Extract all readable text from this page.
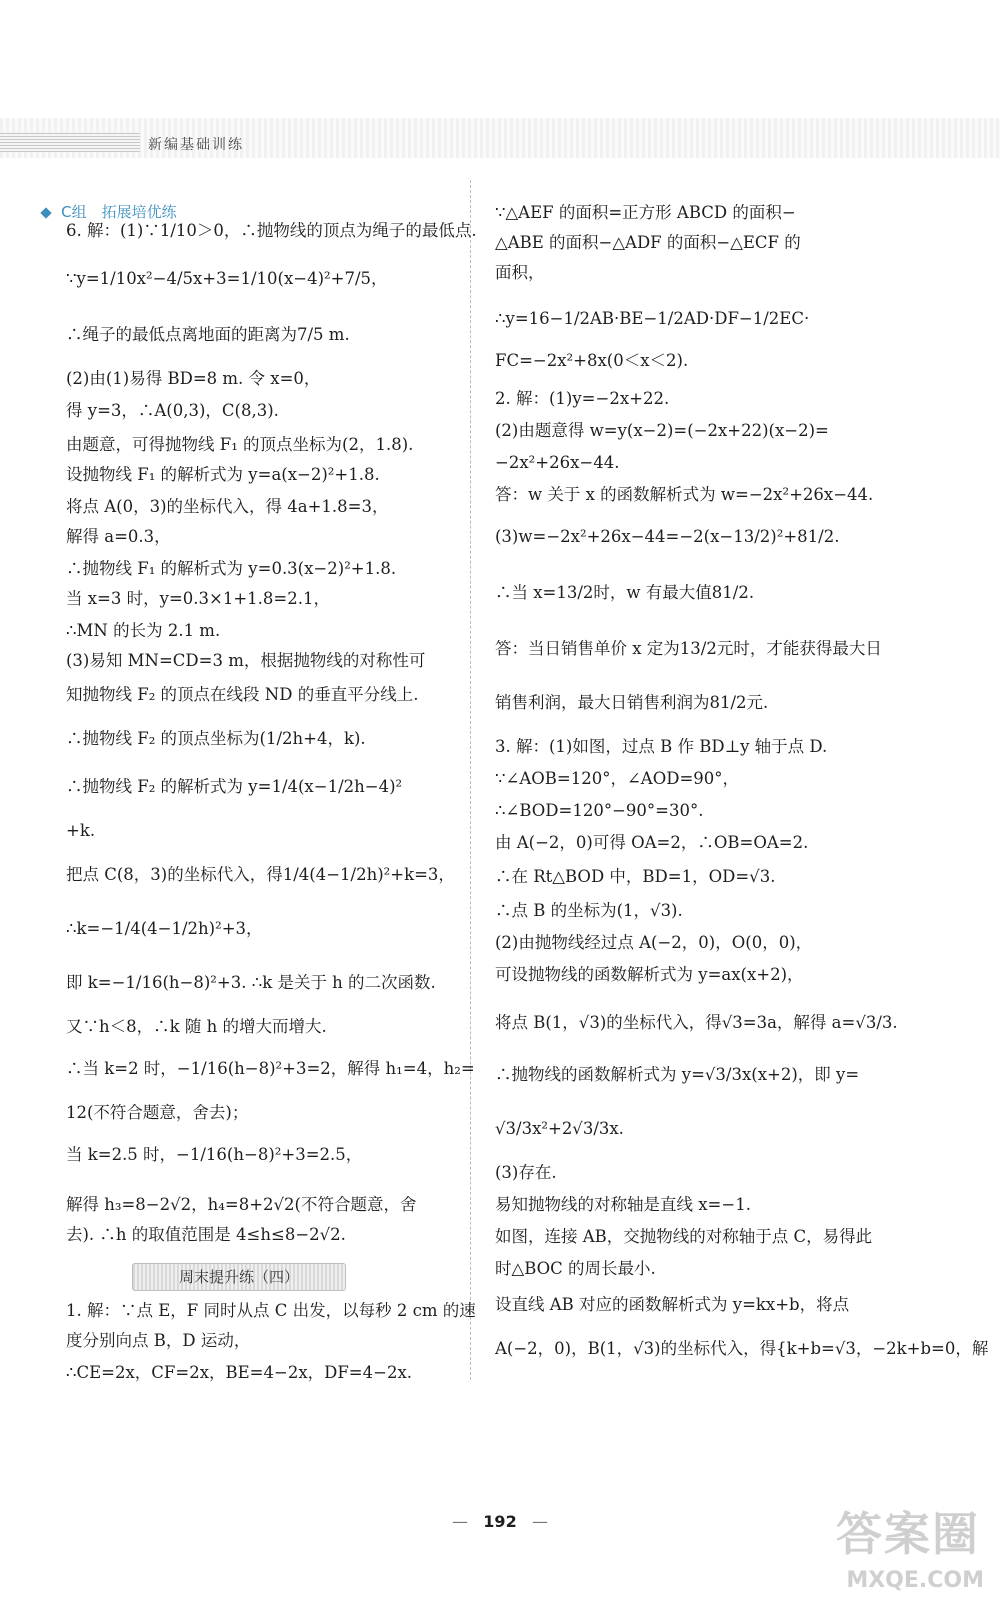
新编基础训练
C组　拓展培优练
6. 解：(1)∵1/10＞0，∴抛物线的顶点为绳子的最低点.
∵y=1/10x²−4/5x+3=1/10(x−4)²+7/5，
∴绳子的最低点离地面的距离为7/5 m.
(2)由(1)易得 BD=8 m. 令 x=0，
得 y=3，∴A(0,3)，C(8,3).
由题意，可得抛物线 F₁ 的顶点坐标为(2，1.8).
设抛物线 F₁ 的解析式为 y=a(x−2)²+1.8.
将点 A(0，3)的坐标代入，得 4a+1.8=3，
解得 a=0.3，
∴抛物线 F₁ 的解析式为 y=0.3(x−2)²+1.8.
当 x=3 时，y=0.3×1+1.8=2.1，
∴MN 的长为 2.1 m.
(3)易知 MN=CD=3 m，根据抛物线的对称性可
知抛物线 F₂ 的顶点在线段 ND 的垂直平分线上.
∴抛物线 F₂ 的顶点坐标为(1/2h+4，k).
∴抛物线 F₂ 的解析式为 y=1/4(x−1/2h−4)²
+k.
把点 C(8，3)的坐标代入，得1/4(4−1/2h)²+k=3，
∴k=−1/4(4−1/2h)²+3，
即 k=−1/16(h−8)²+3. ∴k 是关于 h 的二次函数.
又∵h＜8，∴k 随 h 的增大而增大.
∴当 k=2 时，−1/16(h−8)²+3=2，解得 h₁=4，h₂=
12(不符合题意，舍去)；
当 k=2.5 时，−1/16(h−8)²+3=2.5，
解得 h₃=8−2√2，h₄=8+2√2(不符合题意，舍
去). ∴h 的取值范围是 4≤h≤8−2√2.
1. 解：∵点 E，F 同时从点 C 出发，以每秒 2 cm 的速
度分别向点 B，D 运动，
∴CE=2x，CF=2x，BE=4−2x，DF=4−2x.
周末提升练（四）
∵△AEF 的面积=正方形 ABCD 的面积−
△ABE 的面积−△ADF 的面积−△ECF 的
面积，
∴y=16−1/2AB·BE−1/2AD·DF−1/2EC·
FC=−2x²+8x(0＜x＜2).
2. 解：(1)y=−2x+22.
(2)由题意得 w=y(x−2)=(−2x+22)(x−2)=
−2x²+26x−44.
答：w 关于 x 的函数解析式为 w=−2x²+26x−44.
(3)w=−2x²+26x−44=−2(x−13/2)²+81/2.
∴当 x=13/2时，w 有最大值81/2.
答：当日销售单价 x 定为13/2元时，才能获得最大日
销售利润，最大日销售利润为81/2元.
3. 解：(1)如图，过点 B 作 BD⊥y 轴于点 D.
∵∠AOB=120°，∠AOD=90°，
∴∠BOD=120°−90°=30°.
由 A(−2，0)可得 OA=2，∴OB=OA=2.
∴在 Rt△BOD 中，BD=1，OD=√3.
∴点 B 的坐标为(1，√3).
(2)由抛物线经过点 A(−2，0)，O(0，0)，
可设抛物线的函数解析式为 y=ax(x+2)，
将点 B(1，√3)的坐标代入，得√3=3a，解得 a=√3/3.
∴抛物线的函数解析式为 y=√3/3x(x+2)，即 y=
√3/3x²+2√3/3x.
(3)存在.
易知抛物线的对称轴是直线 x=−1.
如图，连接 AB，交抛物线的对称轴于点 C，易得此
时△BOC 的周长最小.
设直线 AB 对应的函数解析式为 y=kx+b，将点
A(−2，0)，B(1，√3)的坐标代入，得{k+b=√3，−2k+b=0，解
— 192 —	答案圈
MXQE.COM
